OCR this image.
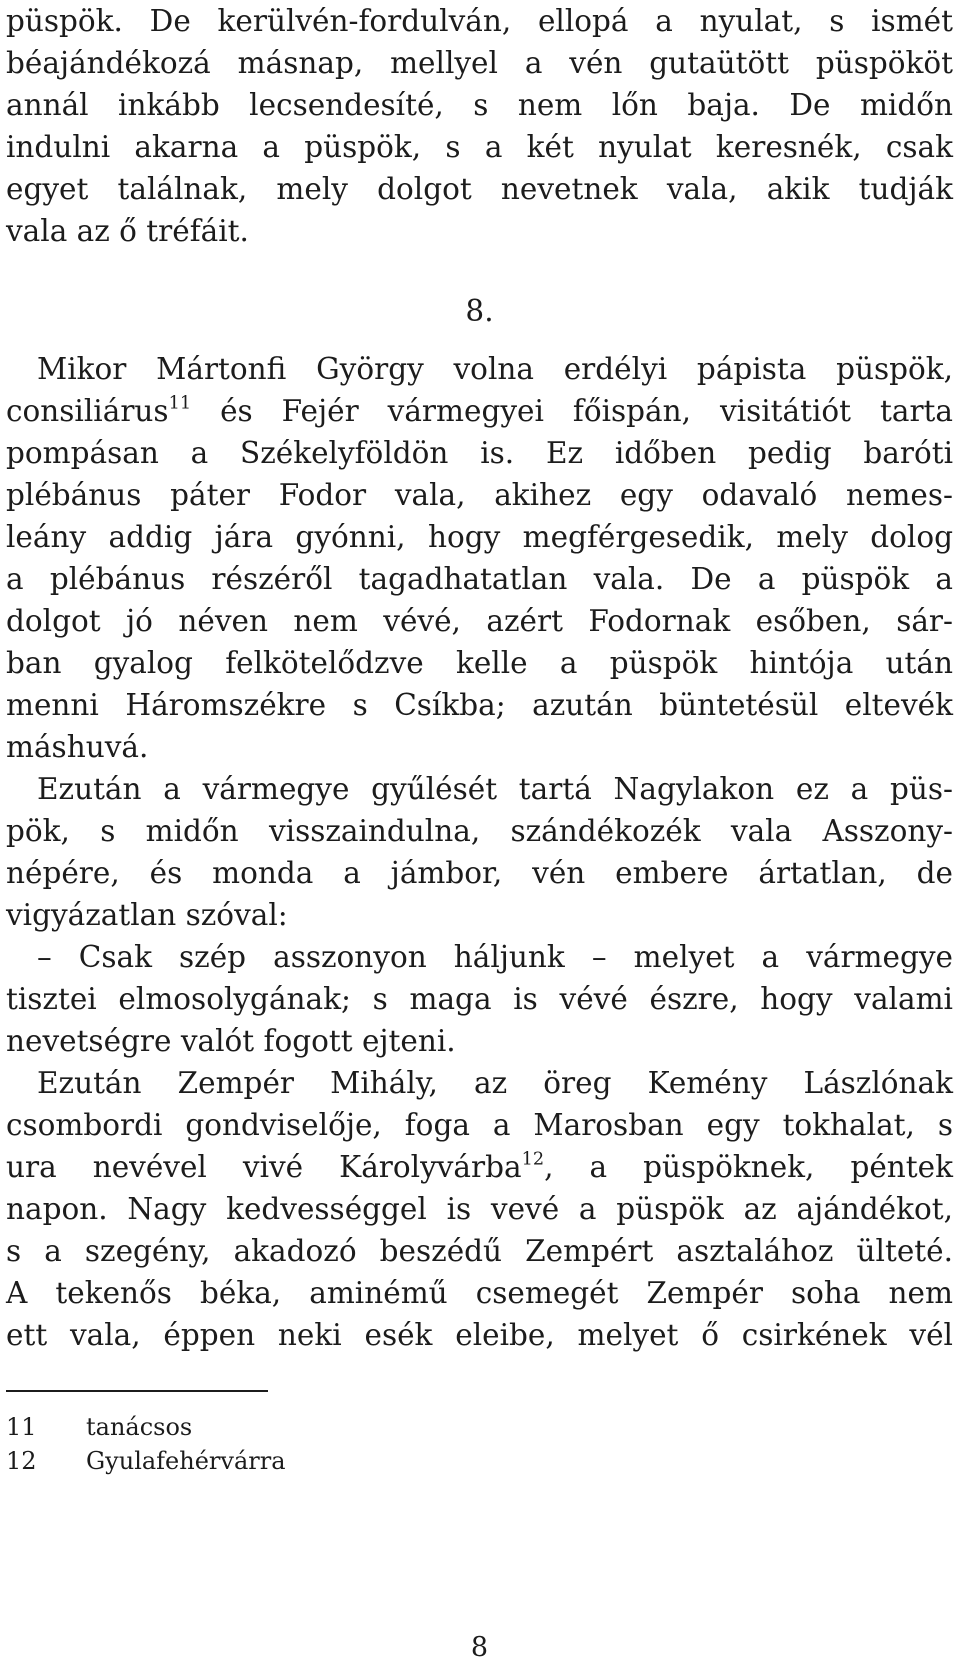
püspök. De kerülvén-fordulván, ellopá a nyulat, s ismét
béajándékozá másnap, mellyel a vén gutaütött püspököt
annál inkább lecsendesíté, s nem lőn baja. De midőn
indulni akarna a püspök, s a két nyulat keresnék, csak
egyet találnak, mely dolgot nevetnek vala, akik tudják
vala az ő tréfáit.
8.
Mikor Mártonfi György volna erdélyi pápista püspök,
consiliárus$^{11}$ és Fejér vármegyei főispán, visitátiót tarta
pompásan a Székelyföldön is. Ez időben pedig baróti
plébánus páter Fodor vala, akihez egy odavaló nemes-
leány addig jára gyónni, hogy megférgesedik, mely dolog
a plébánus részéről tagadhatatlan vala. De a püspök a
dolgot jó néven nem vévé, azért Fodornak esőben, sár-
ban gyalog felkötelődzve kelle a püspök hintója után
menni Háromszékre s Csíkba; azután büntetésül eltevék
máshuvá.
Ezután a vármegye gyűlését tartá Nagylakon ez a püs-
pök, s midőn visszaindulna, szándékozék vala Asszony-
népére, és monda a jámbor, vén embere ártatlan, de
vigyázatlan szóval:
– Csak szép asszonyon háljunk – melyet a vármegye
tisztei elmosolygának; s maga is vévé észre, hogy valami
nevetségre valót fogott ejteni.
Ezután Zempér Mihály, az öreg Kemény Lászlónak
csombordi gondviselője, foga a Marosban egy tokhalat, s
ura nevével vivé Károlyvárba$^{12}$, a püspöknek, péntek
napon. Nagy kedvességgel is vevé a püspök az ajándékot,
s a szegény, akadozó beszédű Zempért asztalához ülteté.
A tekenős béka, aminémű csemegét Zempér soha nem
ett vala, éppen neki esék eleibe, melyet ő csirkének vél
11 tanácsos
12 Gyulafehérvárra
8
